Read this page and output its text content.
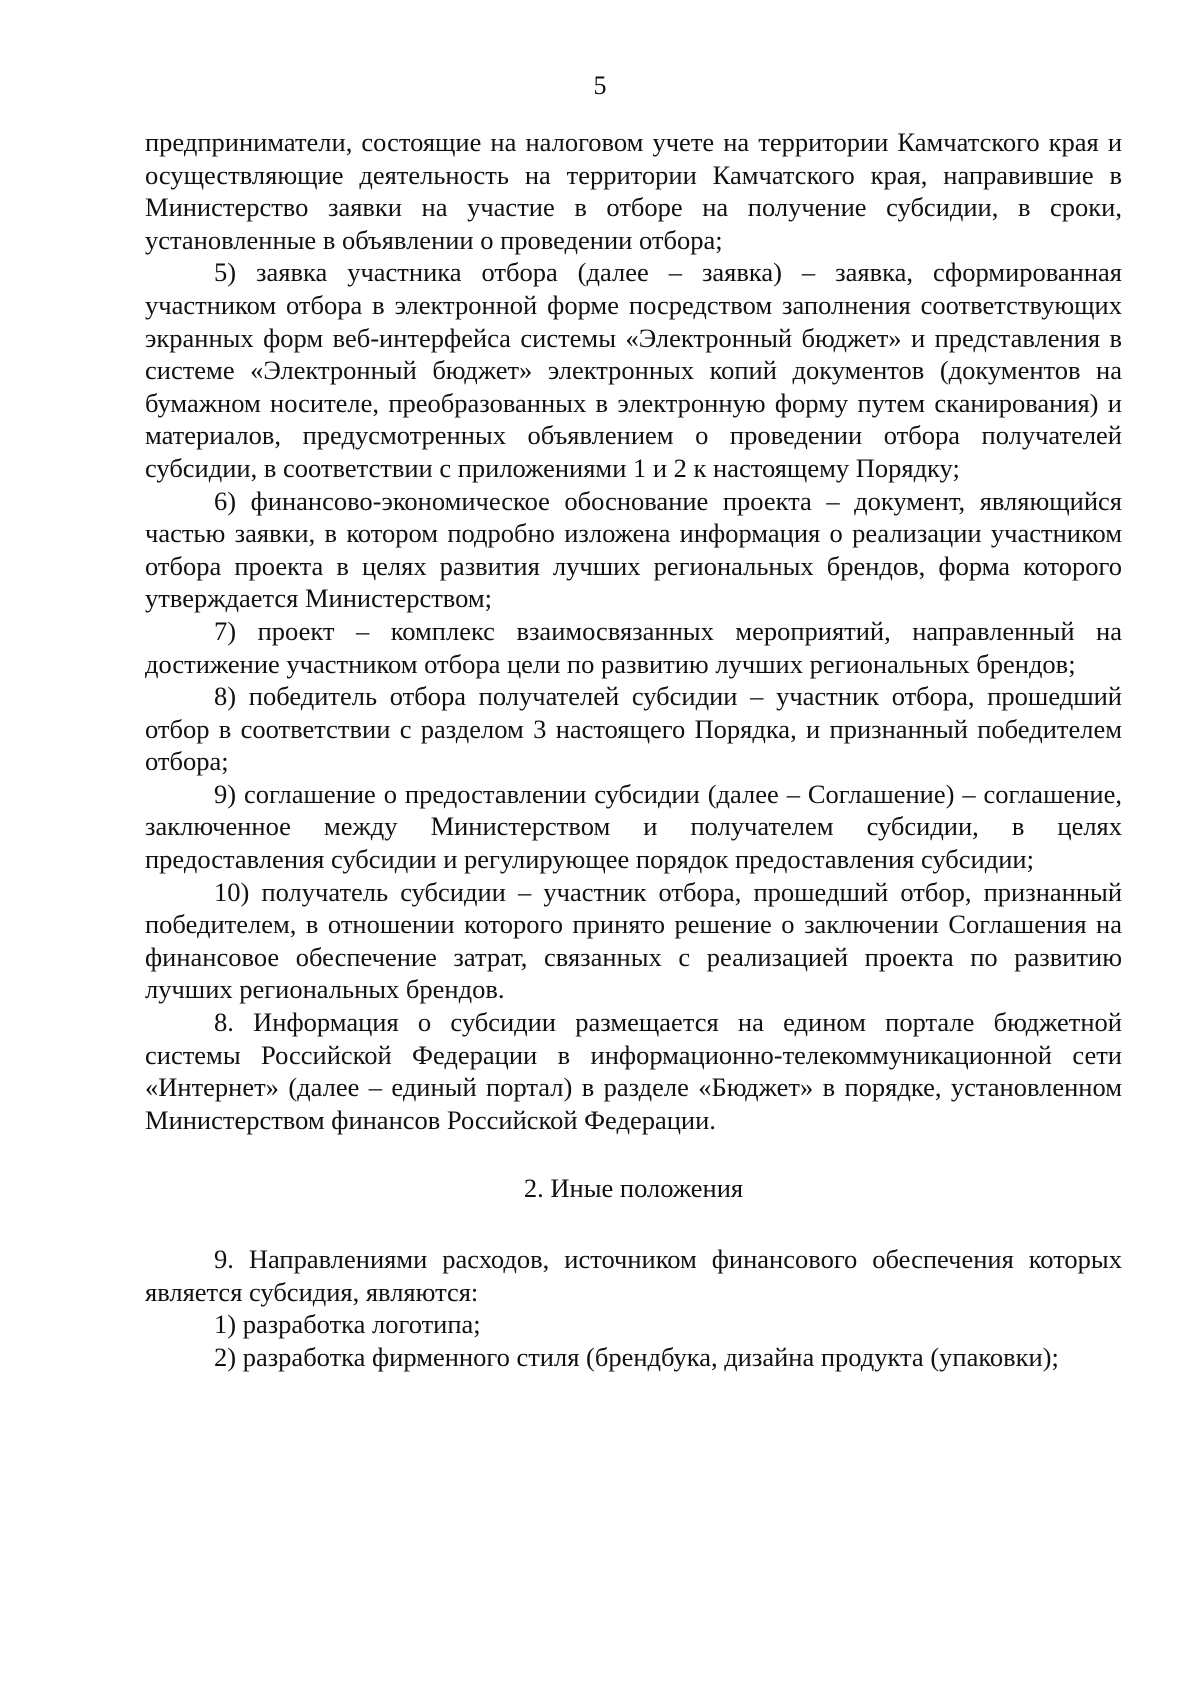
5

предприниматели, состоящие на налоговом учете на территории Камчатского края и осуществляющие деятельность на территории Камчатского края, направившие в Министерство заявки на участие в отборе на получение субсидии, в сроки, установленные в объявлении о проведении отбора;

5) заявка участника отбора (далее – заявка) – заявка, сформированная участником отбора в электронной форме посредством заполнения соответствующих экранных форм веб-интерфейса системы «Электронный бюджет» и представления в системе «Электронный бюджет» электронных копий документов (документов на бумажном носителе, преобразованных в электронную форму путем сканирования) и материалов, предусмотренных объявлением о проведении отбора получателей субсидии, в соответствии с приложениями 1 и 2 к настоящему Порядку;

6) финансово-экономическое обоснование проекта – документ, являющийся частью заявки, в котором подробно изложена информация о реализации участником отбора проекта в целях развития лучших региональных брендов, форма которого утверждается Министерством;

7) проект – комплекс взаимосвязанных мероприятий, направленный на достижение участником отбора цели по развитию лучших региональных брендов;

8) победитель отбора получателей субсидии – участник отбора, прошедший отбор в соответствии с разделом 3 настоящего Порядка, и признанный победителем отбора;

9) соглашение о предоставлении субсидии (далее – Соглашение) – соглашение, заключенное между Министерством и получателем субсидии, в целях предоставления субсидии и регулирующее порядок предоставления субсидии;

10) получатель субсидии – участник отбора, прошедший отбор, признанный победителем, в отношении которого принято решение о заключении Соглашения на финансовое обеспечение затрат, связанных с реализацией проекта по развитию лучших региональных брендов.

8. Информация о субсидии размещается на едином портале бюджетной системы Российской Федерации в информационно-телекоммуникационной сети «Интернет» (далее – единый портал) в разделе «Бюджет» в порядке, установленном Министерством финансов Российской Федерации.

2. Иные положения

9. Направлениями расходов, источником финансового обеспечения которых является субсидия, являются:

1) разработка логотипа;

2) разработка фирменного стиля (брендбука, дизайна продукта (упаковки);
